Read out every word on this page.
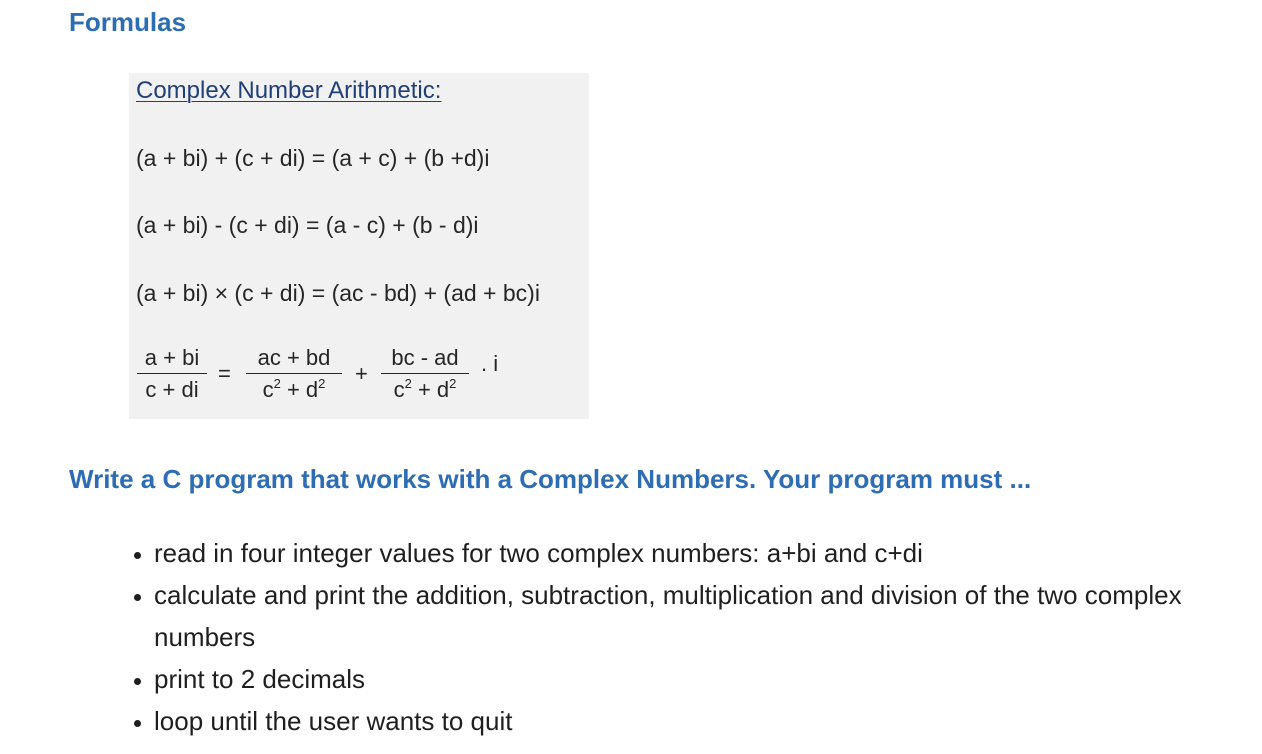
Formulas
Complex Number Arithmetic:
(a + bi) + (c + di) = (a + c) + (b +d)i
(a + bi) - (c + di) = (a - c) + (b - d)i
(a + bi) × (c + di) = (ac - bd) + (ad + bc)i
$\frac{a + bi}{c + di} = \frac{ac + bd}{c^2 + d^2} + \frac{bc - ad}{c^2 + d^2}$ . i
Write a C program that works with a Complex Numbers. Your program must ...
• read in four integer values for two complex numbers: a+bi and c+di
• calculate and print the addition, subtraction, multiplication and division of the two complex numbers
• print to 2 decimals
• loop until the user wants to quit
